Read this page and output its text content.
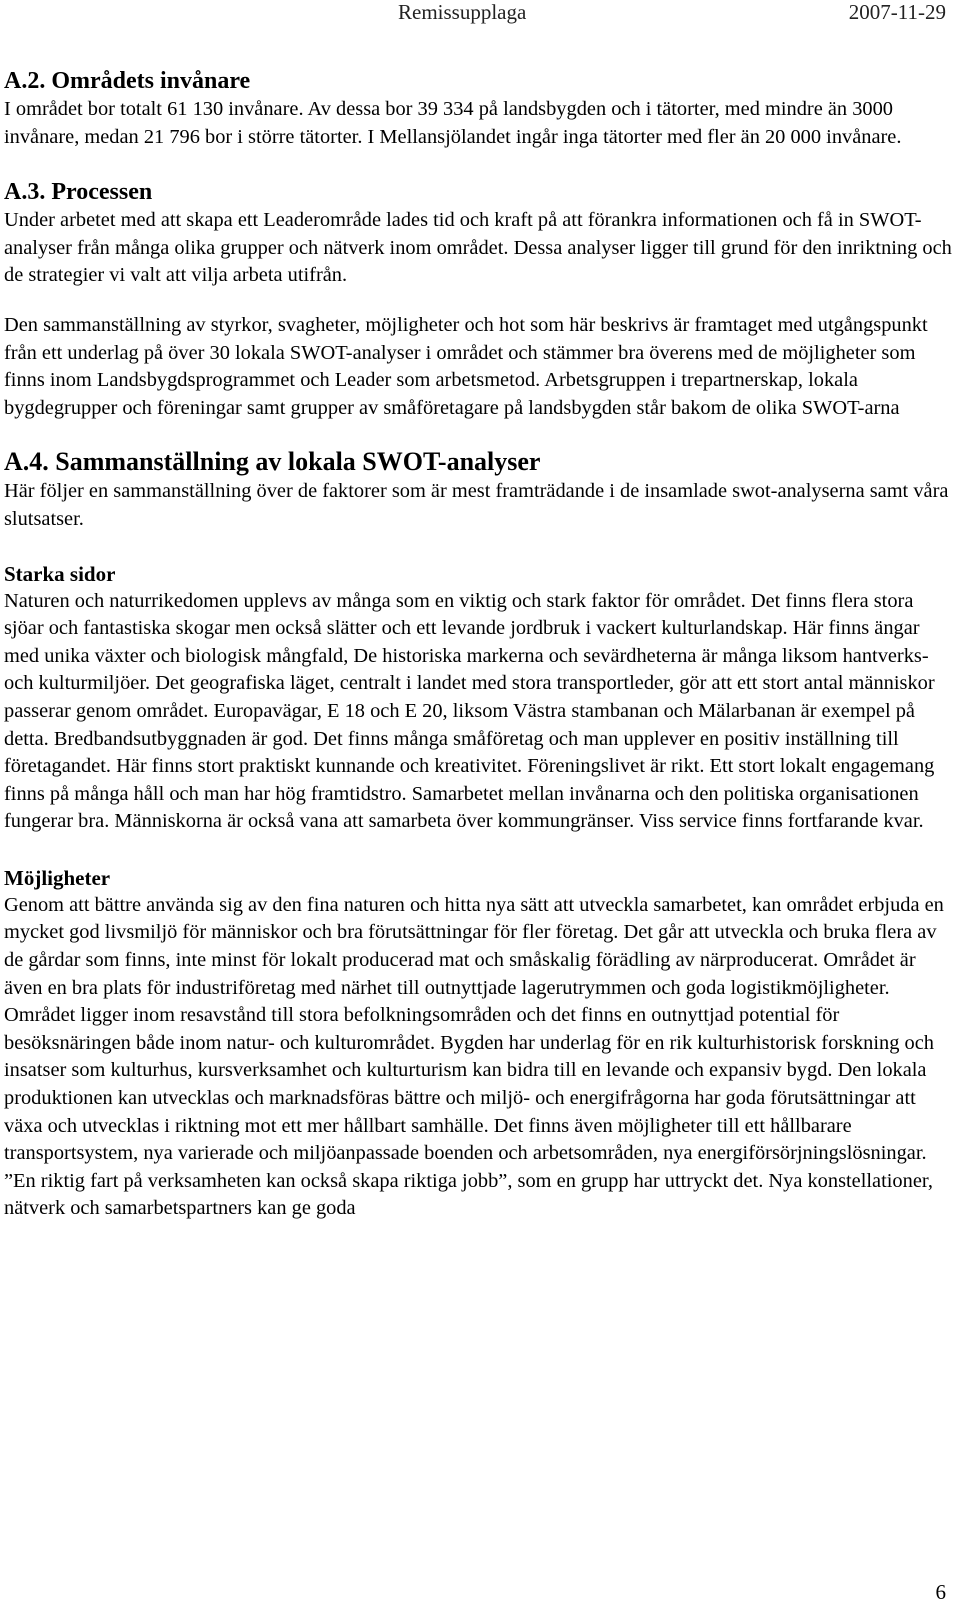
Remissupplaga	2007-11-29
A.2. Områdets invånare

I området bor totalt 61 130 invånare. Av dessa bor 39 334 på landsbygden och i tätorter, med mindre än 3000 invånare, medan 21 796 bor i större tätorter. I Mellansjölandet ingår inga tätorter med fler än 20 000 invånare.

A.3. Processen

Under arbetet med att skapa ett Leaderområde lades tid och kraft på att förankra informationen och få in SWOT-analyser från många olika grupper och nätverk inom området. Dessa analyser ligger till grund för den inriktning och de strategier vi valt att vilja arbeta utifrån.

Den sammanställning av styrkor, svagheter, möjligheter och hot som här beskrivs är framtaget med utgångspunkt från ett underlag på över 30 lokala SWOT-analyser i området och stämmer bra överens med de möjligheter som finns inom Landsbygdsprogrammet och Leader som arbetsmetod. Arbetsgruppen i trepartnerskap, lokala bygdegrupper och föreningar samt grupper av småföretagare på landsbygden står bakom de olika SWOT-arna

A.4. Sammanställning av lokala SWOT-analyser

Här följer en sammanställning över de faktorer som är mest framträdande i de insamlade swot-analyserna samt våra slutsatser.

Starka sidor

Naturen och naturrikedomen upplevs av många som en viktig och stark faktor för området. Det finns flera stora sjöar och fantastiska skogar men också slätter och ett levande jordbruk i vackert kulturlandskap. Här finns ängar med unika växter och biologisk mångfald, De historiska markerna och sevärdheterna är många liksom hantverks- och kulturmiljöer. Det geografiska läget, centralt i landet med stora transportleder, gör att ett stort antal människor passerar genom området. Europavägar, E 18 och E 20, liksom Västra stambanan och Mälarbanan är exempel på detta. Bredbandsutbyggnaden är god. Det finns många småföretag och man upplever en positiv inställning till företagandet. Här finns stort praktiskt kunnande och kreativitet. Föreningslivet är rikt. Ett stort lokalt engagemang finns på många håll och man har hög framtidstro. Samarbetet mellan invånarna och den politiska organisationen fungerar bra. Människorna är också vana att samarbeta över kommungränser. Viss service finns fortfarande kvar.

Möjligheter

Genom att bättre använda sig av den fina naturen och hitta nya sätt att utveckla samarbetet, kan området erbjuda en mycket god livsmiljö för människor och bra förutsättningar för fler företag. Det går att utveckla och bruka flera av de gårdar som finns, inte minst för lokalt producerad mat och småskalig förädling av närproducerat. Området är även en bra plats för industriföretag med närhet till outnyttjade lagerutrymmen och goda logistikmöjligheter. Området ligger inom resavstånd till stora befolkningsområden och det finns en outnyttjad potential för besöksnäringen både inom natur- och kulturområdet. Bygden har underlag för en rik kulturhistorisk forskning och insatser som kulturhus, kursverksamhet och kulturturism kan bidra till en levande och expansiv bygd. Den lokala produktionen kan utvecklas och marknadsföras bättre och miljö- och energifrågorna har goda förutsättningar att växa och utvecklas i riktning mot ett mer hållbart samhälle. Det finns även möjligheter till ett hållbarare transportsystem, nya varierade och miljöanpassade boenden och arbetsområden, nya energiförsörjningslösningar. ”En riktig fart på verksamheten kan också skapa riktiga jobb”, som en grupp har uttryckt det. Nya konstellationer, nätverk och samarbetspartners kan ge goda

6
